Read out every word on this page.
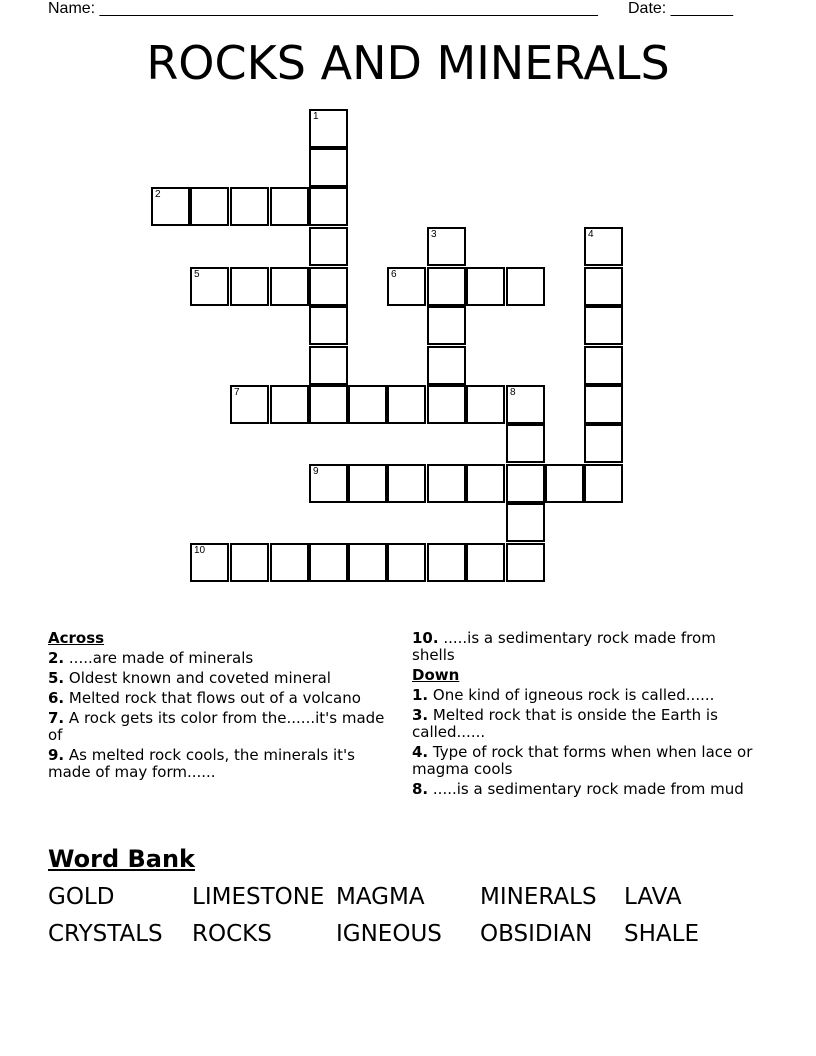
Name: ________________________________________________________ Date: _______
ROCKS AND MINERALS
1
2
5
3
6
4
7	8
9
10
Across
2. .....are made of minerals
5. Oldest known and coveted mineral
6. Melted rock that flows out of a volcano
7. A rock gets its color from the......it's made of
9. As melted rock cools, the minerals it's made of may form......
10. .....is a sedimentary rock made from shells
Down
1. One kind of igneous rock is called......
3. Melted rock that is onside the Earth is called......
4. Type of rock that forms when when lace or magma cools
8. .....is a sedimentary rock made from mud
Word Bank
GOLD	LIMESTONE MAGMA MINERALS LAVA
CRYSTALS ROCKS	IGNEOUS OBSIDIAN SHALE
